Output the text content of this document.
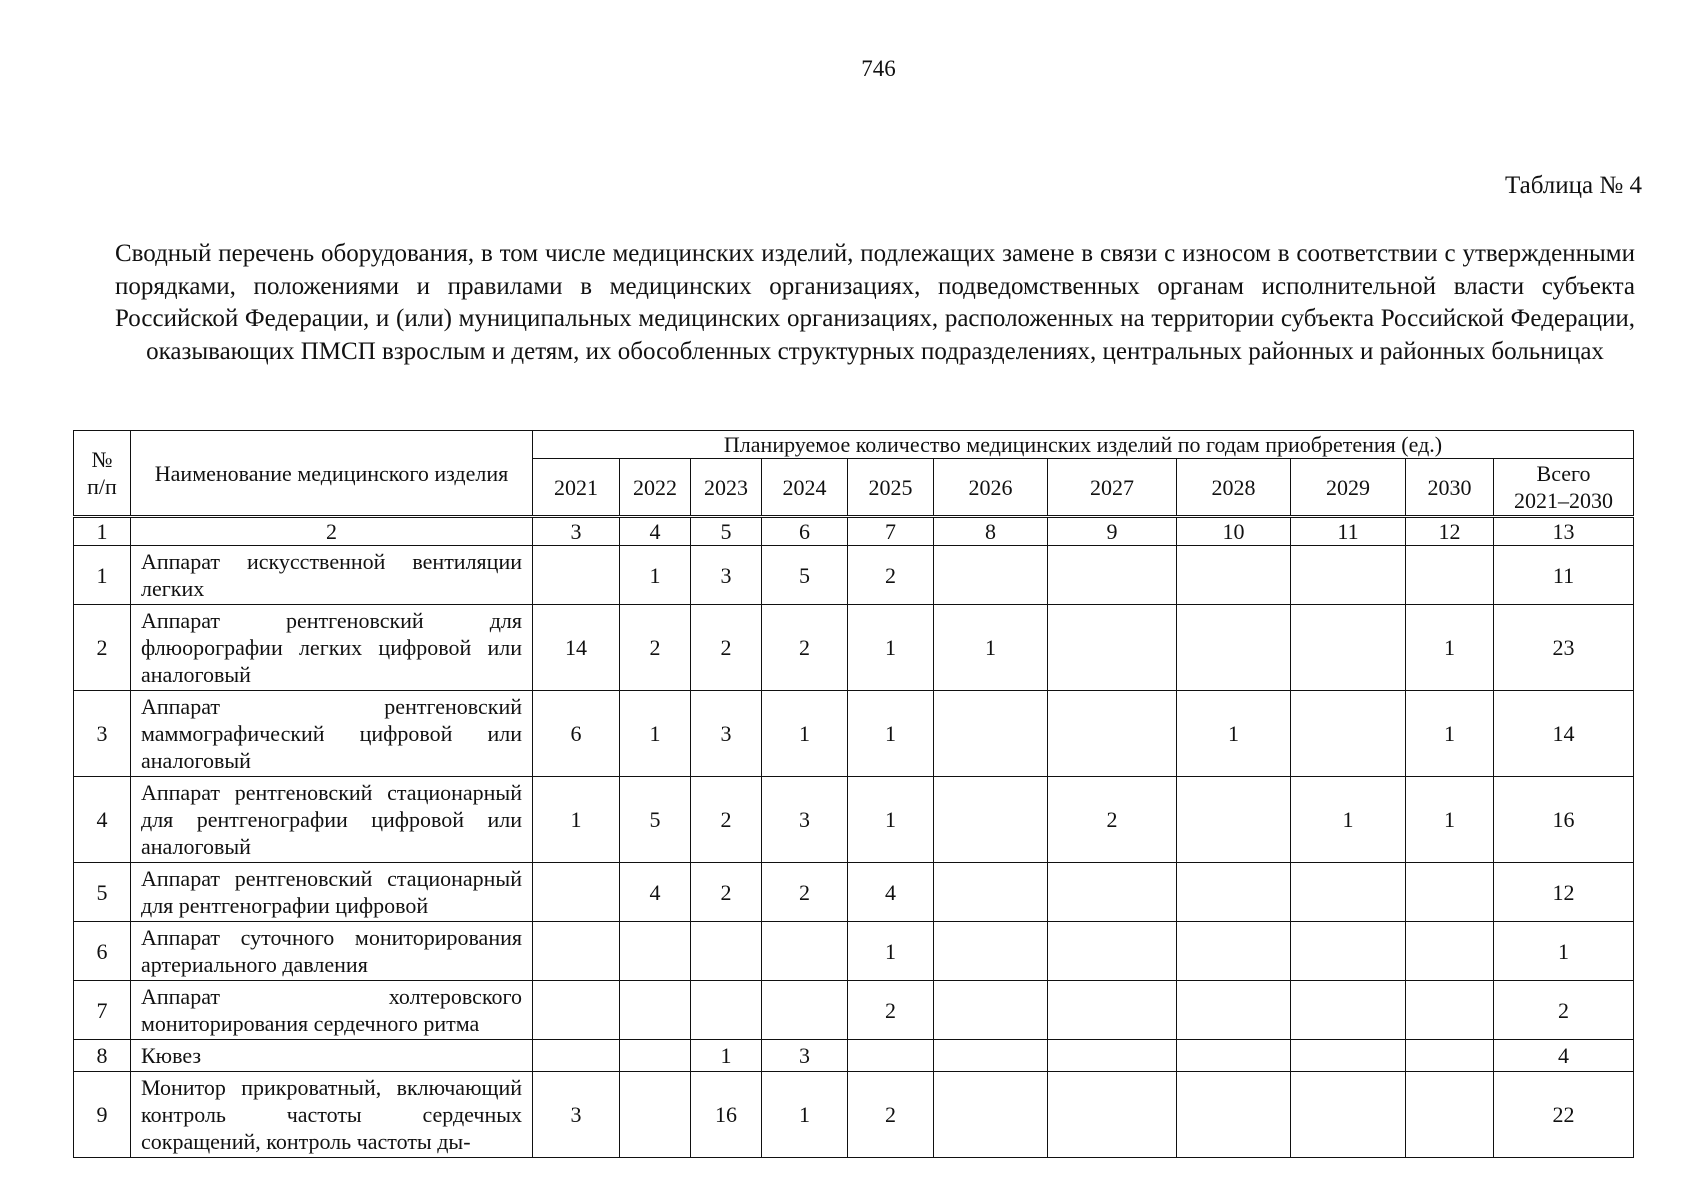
746
Таблица № 4
Сводный перечень оборудования, в том числе медицинских изделий, подлежащих замене в связи с износом в соответствии с утвержденными порядками, положениями и правилами в медицинских организациях, подведомственных органам исполнительной власти субъекта Российской Федерации, и (или) муниципальных медицинских организациях, расположенных на территории субъекта Российской Федерации, оказывающих ПМСП взрослым и детям, их обособленных структурных подразделениях, центральных районных и районных больницах
№ п/п	Наименование медицинского изделия	Планируемое количество медицинских изделий по годам приобретения (ед.)										
		2021	2022	2023	2024	2025	2026	2027	2028	2029	2030	Всего 2021–2030
1	2	3	4	5	6	7	8	9	10	11	12	13
1	Аппарат искусственной вентиляции легких		1	3	5	2						11
2	Аппарат рентгеновский для флюорографии легких цифровой или аналоговый	14	2	2	2	1	1				1	23
3	Аппарат рентгеновский маммографический цифровой или аналоговый	6	1	3	1	1			1		1	14
4	Аппарат рентгеновский стационарный для рентгенографии цифровой или аналоговый	1	5	2	3	1		2		1	1	16
5	Аппарат рентгеновский стационарный для рентгенографии цифровой		4	2	2	4						12
6	Аппарат суточного мониторирования артериального давления					1						1
7	Аппарат холтеровского мониторирования сердечного ритма					2						2
8	Кювез			1	3							4
9	Монитор прикроватный, включающий контроль частоты сердечных сокращений, контроль частоты ды-	3		16	1	2						22
